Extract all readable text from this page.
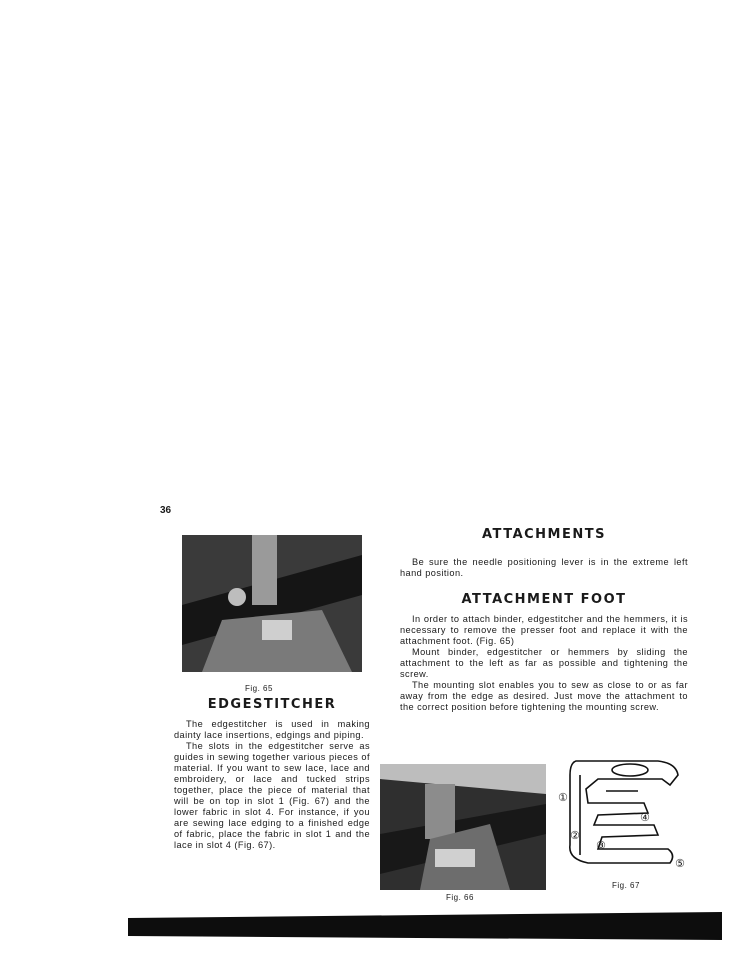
36
Fig. 65
EDGESTITCHER

The edgestitcher is used in making dainty lace insertions, edgings and piping.

The slots in the edgestitcher serve as guides in sewing together various pieces of material. If you want to sew lace, lace and embroidery, or lace and tucked strips together, place the piece of material that will be on top in slot 1 (Fig. 67) and the lower fabric in slot 4. For instance, if you are sewing lace edging to a finished edge of fabric, place the fabric in slot 1 and the lace in slot 4 (Fig. 67).

ATTACHMENTS

Be sure the needle positioning lever is in the extreme left hand position.

ATTACHMENT FOOT

In order to attach binder, edgestitcher and the hemmers, it is necessary to remove the presser foot and replace it with the attachment foot. (Fig. 65)

Mount binder, edgestitcher or hemmers by sliding the attachment to the left as far as possible and tightening the screw.

The mounting slot enables you to sew as close to or as far away from the edge as desired. Just move the attachment to the correct position before tightening the mounting screw.

Fig. 66
①
②
③
④
⑤
Fig. 67
